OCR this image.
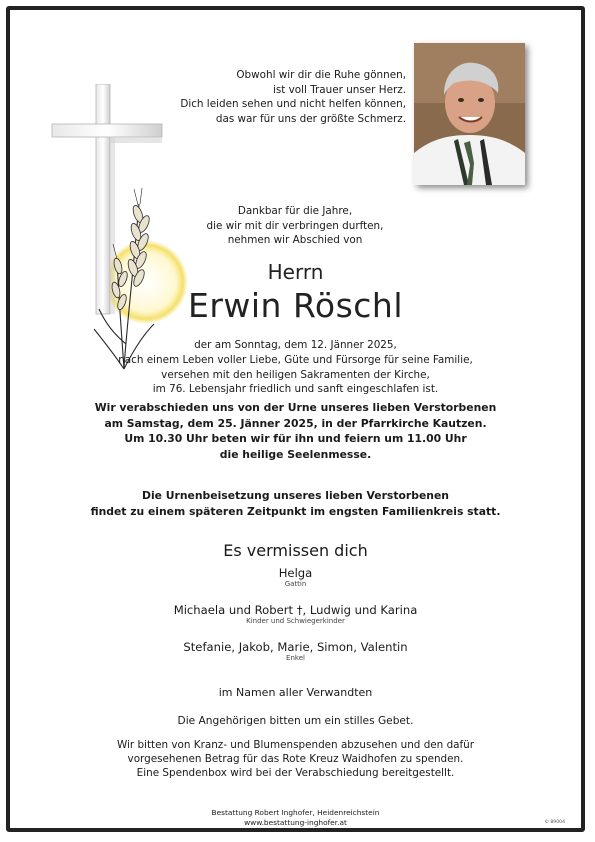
Obwohl wir dir die Ruhe gönnen,
ist voll Trauer unser Herz.
Dich leiden sehen und nicht helfen können,
das war für uns der größte Schmerz.
Dankbar für die Jahre,
die wir mit dir verbringen durften,
nehmen wir Abschied von
Herrn
Erwin Röschl
der am Sonntag, dem 12. Jänner 2025,
nach einem Leben voller Liebe, Güte und Fürsorge für seine Familie,
versehen mit den heiligen Sakramenten der Kirche,
im 76. Lebensjahr friedlich und sanft eingeschlafen ist.
Wir verabschieden uns von der Urne unseres lieben Verstorbenen
am Samstag, dem 25. Jänner 2025, in der Pfarrkirche Kautzen.
Um 10.30 Uhr beten wir für ihn und feiern um 11.00 Uhr
die heilige Seelenmesse.
Die Urnenbeisetzung unseres lieben Verstorbenen
findet zu einem späteren Zeitpunkt im engsten Familienkreis statt.
Es vermissen dich
Helga
Gattin
Michaela und Robert †, Ludwig und Karina
Kinder und Schwiegerkinder
Stefanie, Jakob, Marie, Simon, Valentin
Enkel
im Namen aller Verwandten
Die Angehörigen bitten um ein stilles Gebet.
Wir bitten von Kranz- und Blumenspenden abzusehen und den dafür
vorgesehenen Betrag für das Rote Kreuz Waidhofen zu spenden.
Eine Spendenbox wird bei der Verabschiedung bereitgestellt.
Bestattung Robert Inghofer, Heidenreichstein
www.bestattung-inghofer.at	© 89004
